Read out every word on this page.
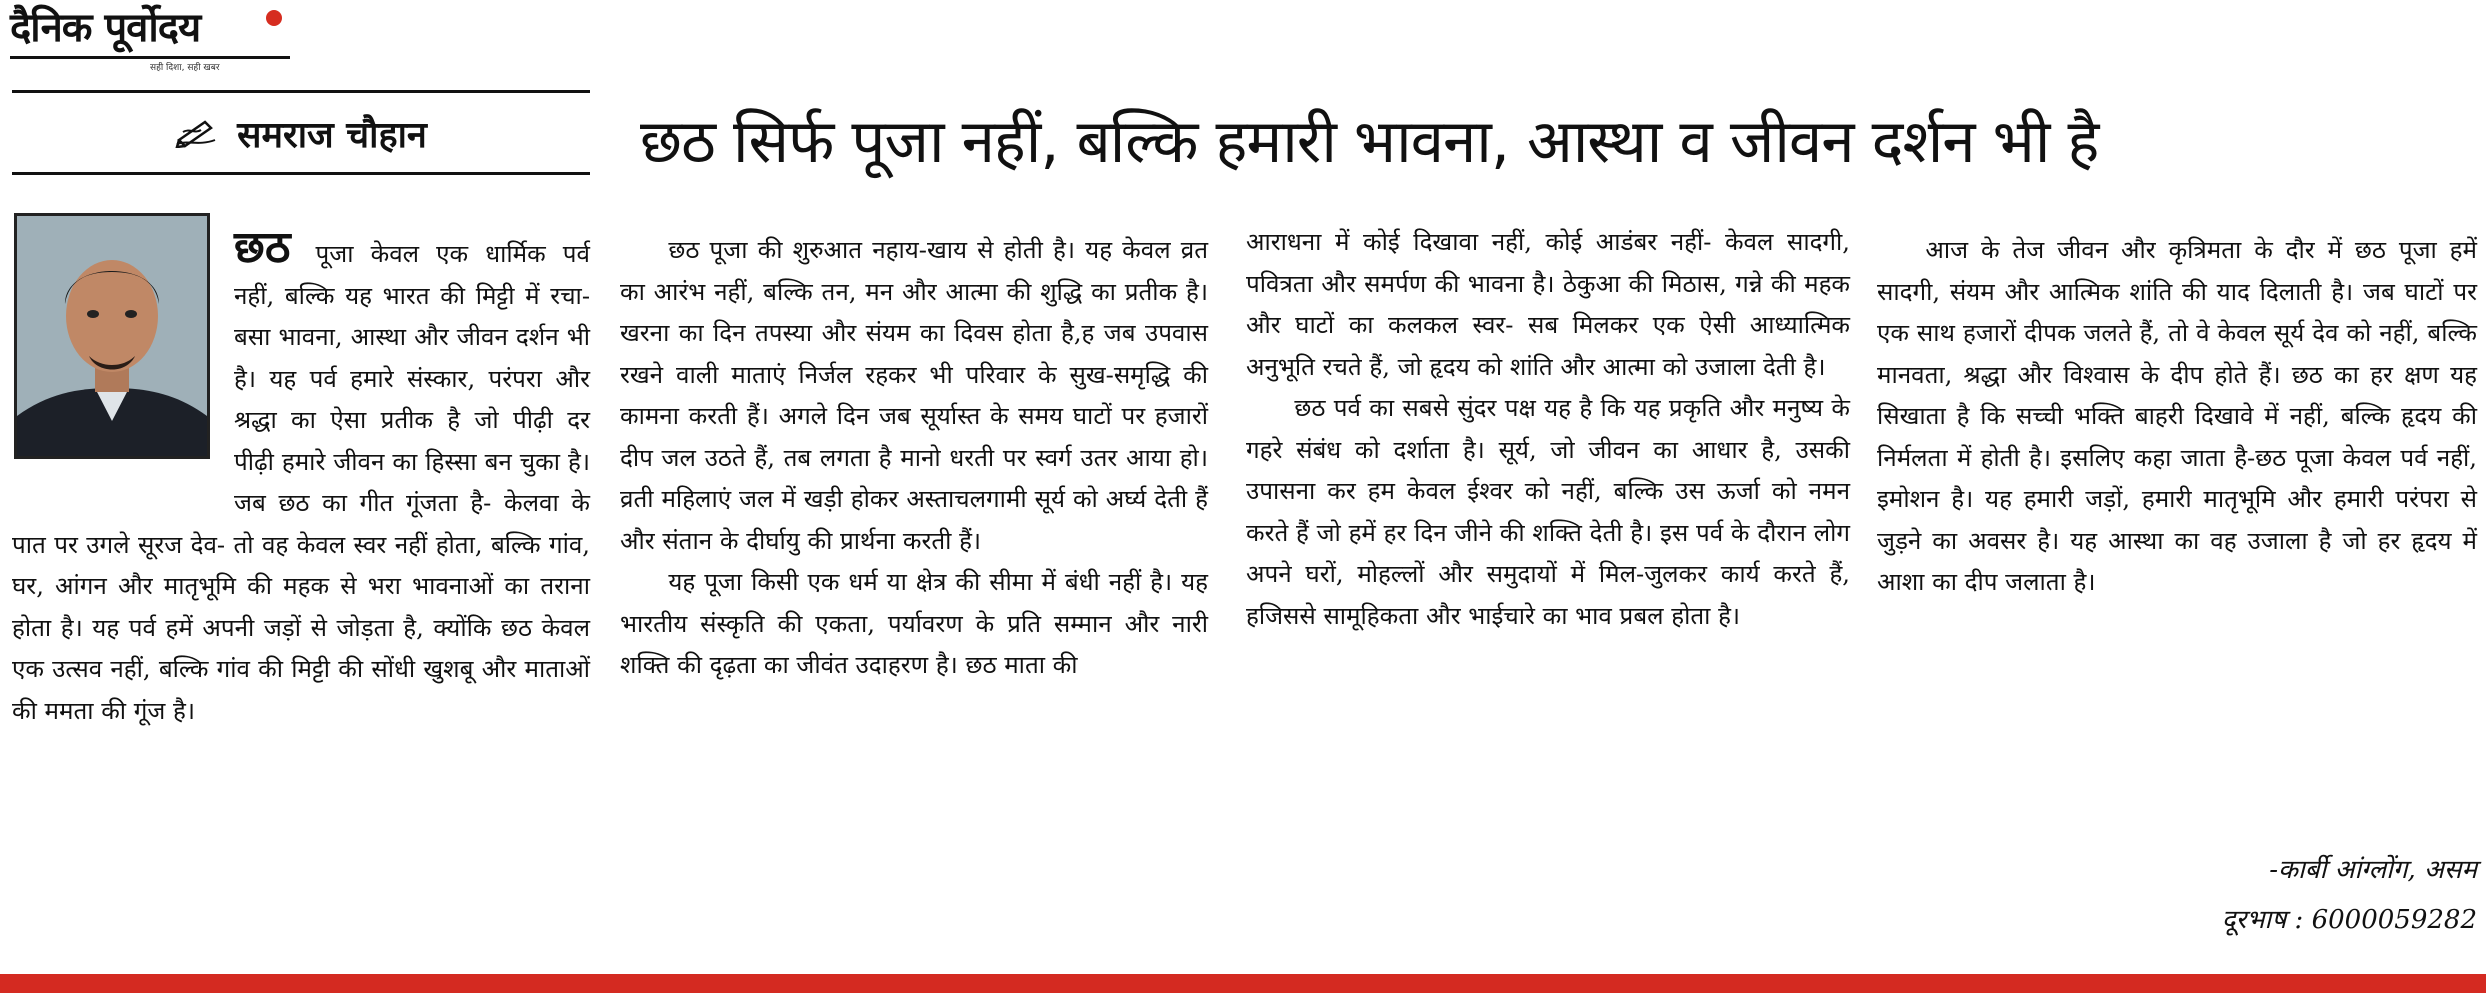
दैनिक पूर्वोदय
सही दिशा, सही खबर
समराज चौहान	छठ सिर्फ पूजा नहीं, बल्कि हमारी भावना, आस्था व जीवन दर्शन भी है

छठ पूजा केवल एक धार्मिक पर्व नहीं, बल्कि यह भारत की मिट्टी में रचा-बसा भावना, आस्था और जीवन दर्शन भी है। यह पर्व हमारे संस्कार, परंपरा और श्रद्धा का ऐसा प्रतीक है जो पीढ़ी दर पीढ़ी हमारे जीवन का हिस्सा बन चुका है। जब छठ का गीत गूंजता है- केलवा के पात पर उगले सूरज देव- तो वह केवल स्वर नहीं होता, बल्कि गांव, घर, आंगन और मातृभूमि की महक से भरा भावनाओं का तराना होता है। यह पर्व हमें अपनी जड़ों से जोड़ता है, क्योंकि छठ केवल एक उत्सव नहीं, बल्कि गांव की मिट्टी की सोंधी खुशबू और माताओं की ममता की गूंज है।

छठ पूजा की शुरुआत नहाय-खाय से होती है। यह केवल व्रत का आरंभ नहीं, बल्कि तन, मन और आत्मा की शुद्धि का प्रतीक है। खरना का दिन तपस्या और संयम का दिवस होता है,ह जब उपवास रखने वाली माताएं निर्जल रहकर भी परिवार के सुख-समृद्धि की कामना करती हैं। अगले दिन जब सूर्यास्त के समय घाटों पर हजारों दीप जल उठते हैं, तब लगता है मानो धरती पर स्वर्ग उतर आया हो। व्रती महिलाएं जल में खड़ी होकर अस्ताचलगामी सूर्य को अर्घ्य देती हैं और संतान के दीर्घायु की प्रार्थना करती हैं।

यह पूजा किसी एक धर्म या क्षेत्र की सीमा में बंधी नहीं है। यह भारतीय संस्कृति की एकता, पर्यावरण के प्रति सम्मान और नारी शक्ति की दृढ़ता का जीवंत उदाहरण है। छठ माता की

आराधना में कोई दिखावा नहीं, कोई आडंबर नहीं- केवल सादगी, पवित्रता और समर्पण की भावना है। ठेकुआ की मिठास, गन्ने की महक और घाटों का कलकल स्वर- सब मिलकर एक ऐसी आध्यात्मिक अनुभूति रचते हैं, जो हृदय को शांति और आत्मा को उजाला देती है।

छठ पर्व का सबसे सुंदर पक्ष यह है कि यह प्रकृति और मनुष्य के गहरे संबंध को दर्शाता है। सूर्य, जो जीवन का आधार है, उसकी उपासना कर हम केवल ईश्वर को नहीं, बल्कि उस ऊर्जा को नमन करते हैं जो हमें हर दिन जीने की शक्ति देती है। इस पर्व के दौरान लोग अपने घरों, मोहल्लों और समुदायों में मिल-जुलकर कार्य करते हैं, हजिससे सामूहिकता और भाईचारे का भाव प्रबल होता है।

आज के तेज जीवन और कृत्रिमता के दौर में छठ पूजा हमें सादगी, संयम और आत्मिक शांति की याद दिलाती है। जब घाटों पर एक साथ हजारों दीपक जलते हैं, तो वे केवल सूर्य देव को नहीं, बल्कि मानवता, श्रद्धा और विश्वास के दीप होते हैं। छठ का हर क्षण यह सिखाता है कि सच्ची भक्ति बाहरी दिखावे में नहीं, बल्कि हृदय की निर्मलता में होती है। इसलिए कहा जाता है-छठ पूजा केवल पर्व नहीं, इमोशन है। यह हमारी जड़ों, हमारी मातृभूमि और हमारी परंपरा से जुड़ने का अवसर है। यह आस्था का वह उजाला है जो हर हृदय में आशा का दीप जलाता है।

-कार्बी आंग्लोंग, असम
दूरभाष : 6000059282
